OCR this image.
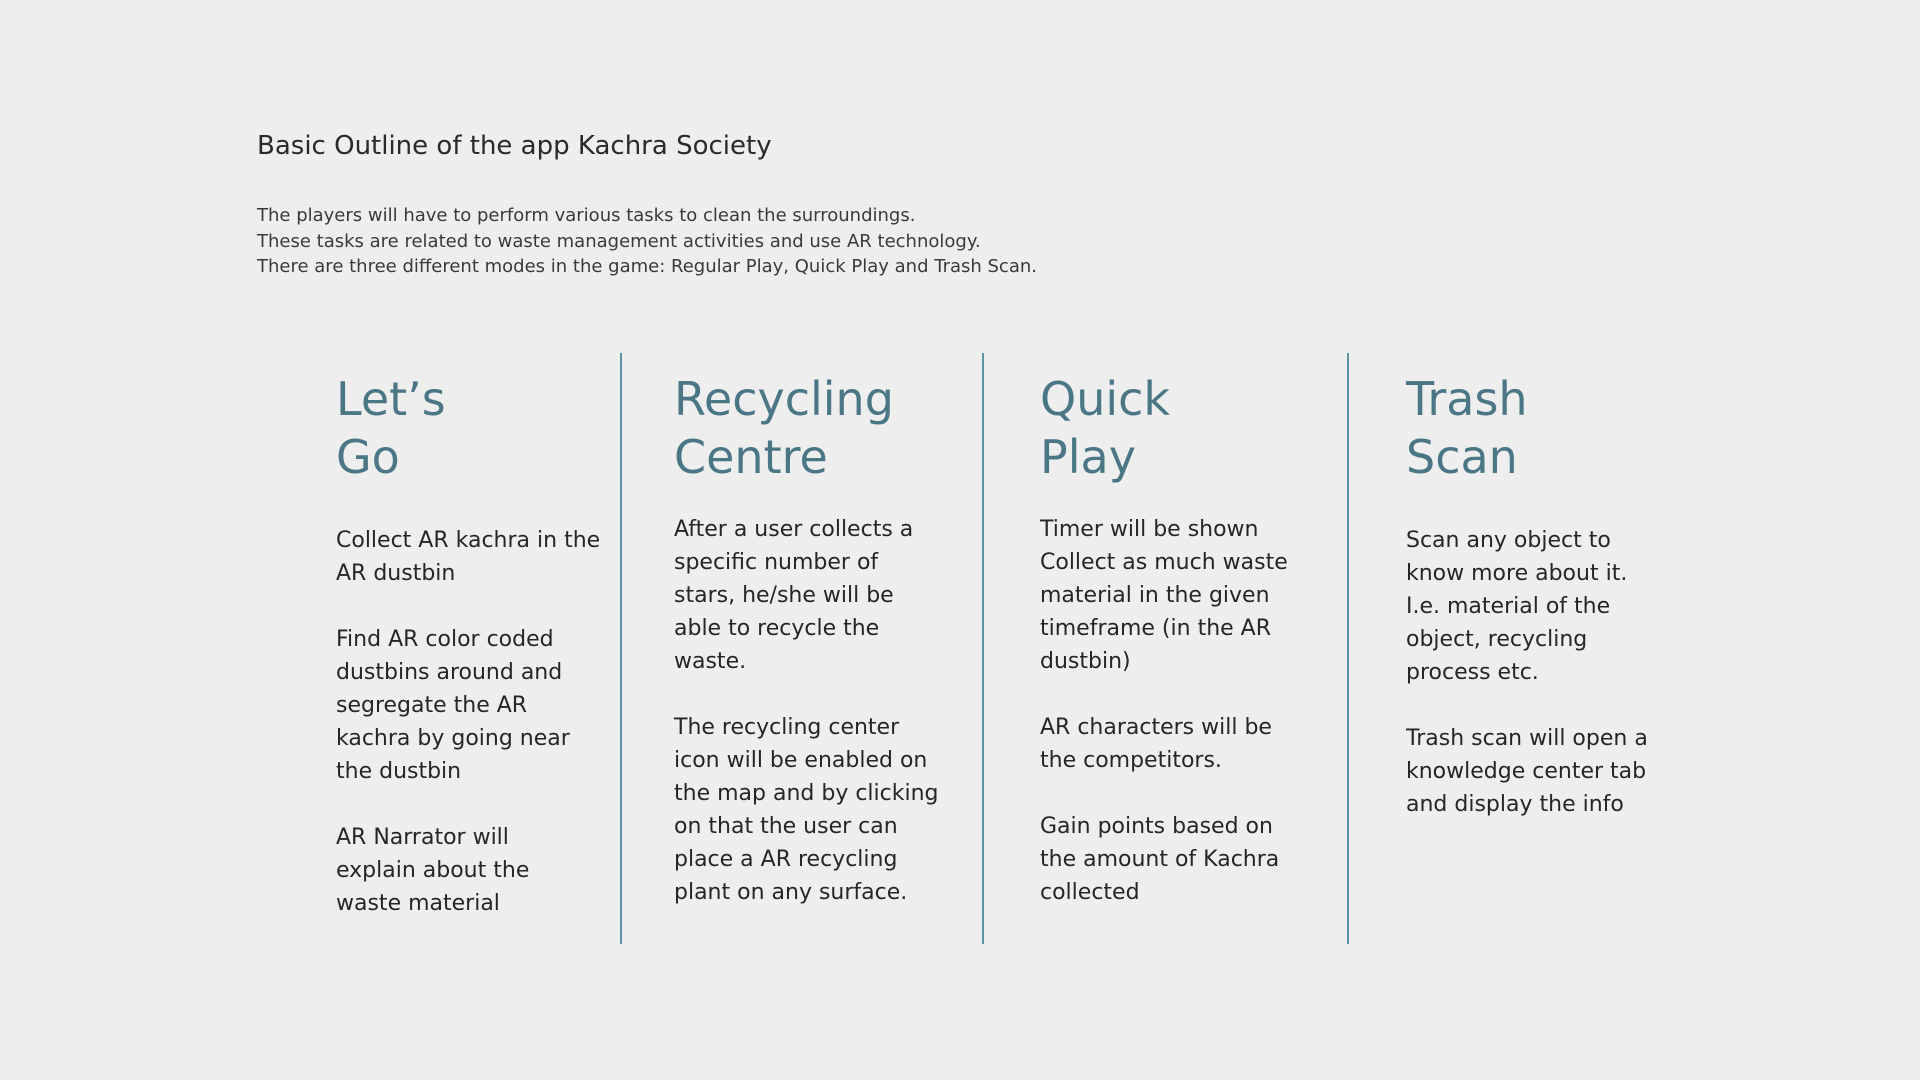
Basic Outline of the app Kachra Society
The players will have to perform various tasks to clean the surroundings.
These tasks are related to waste management activities and use AR technology.
There are three different modes in the game: Regular Play, Quick Play and Trash Scan.
Let’s
Go

Collect AR kachra in the
AR dustbin

Find AR color coded
dustbins around and
segregate the AR
kachra by going near
the dustbin

AR Narrator will
explain about the
waste material

Recycling
Centre

After a user collects a
specific number of
stars, he/she will be
able to recycle the
waste.

The recycling center
icon will be enabled on
the map and by clicking
on that the user can
place a AR recycling
plant on any surface.

Quick
Play

Timer will be shown
Collect as much waste
material in the given
timeframe (in the AR
dustbin)

AR characters will be
the competitors.

Gain points based on
the amount of Kachra
collected

Trash
Scan

Scan any object to
know more about it.
I.e. material of the
object, recycling
process etc.

Trash scan will open a
knowledge center tab
and display the info
